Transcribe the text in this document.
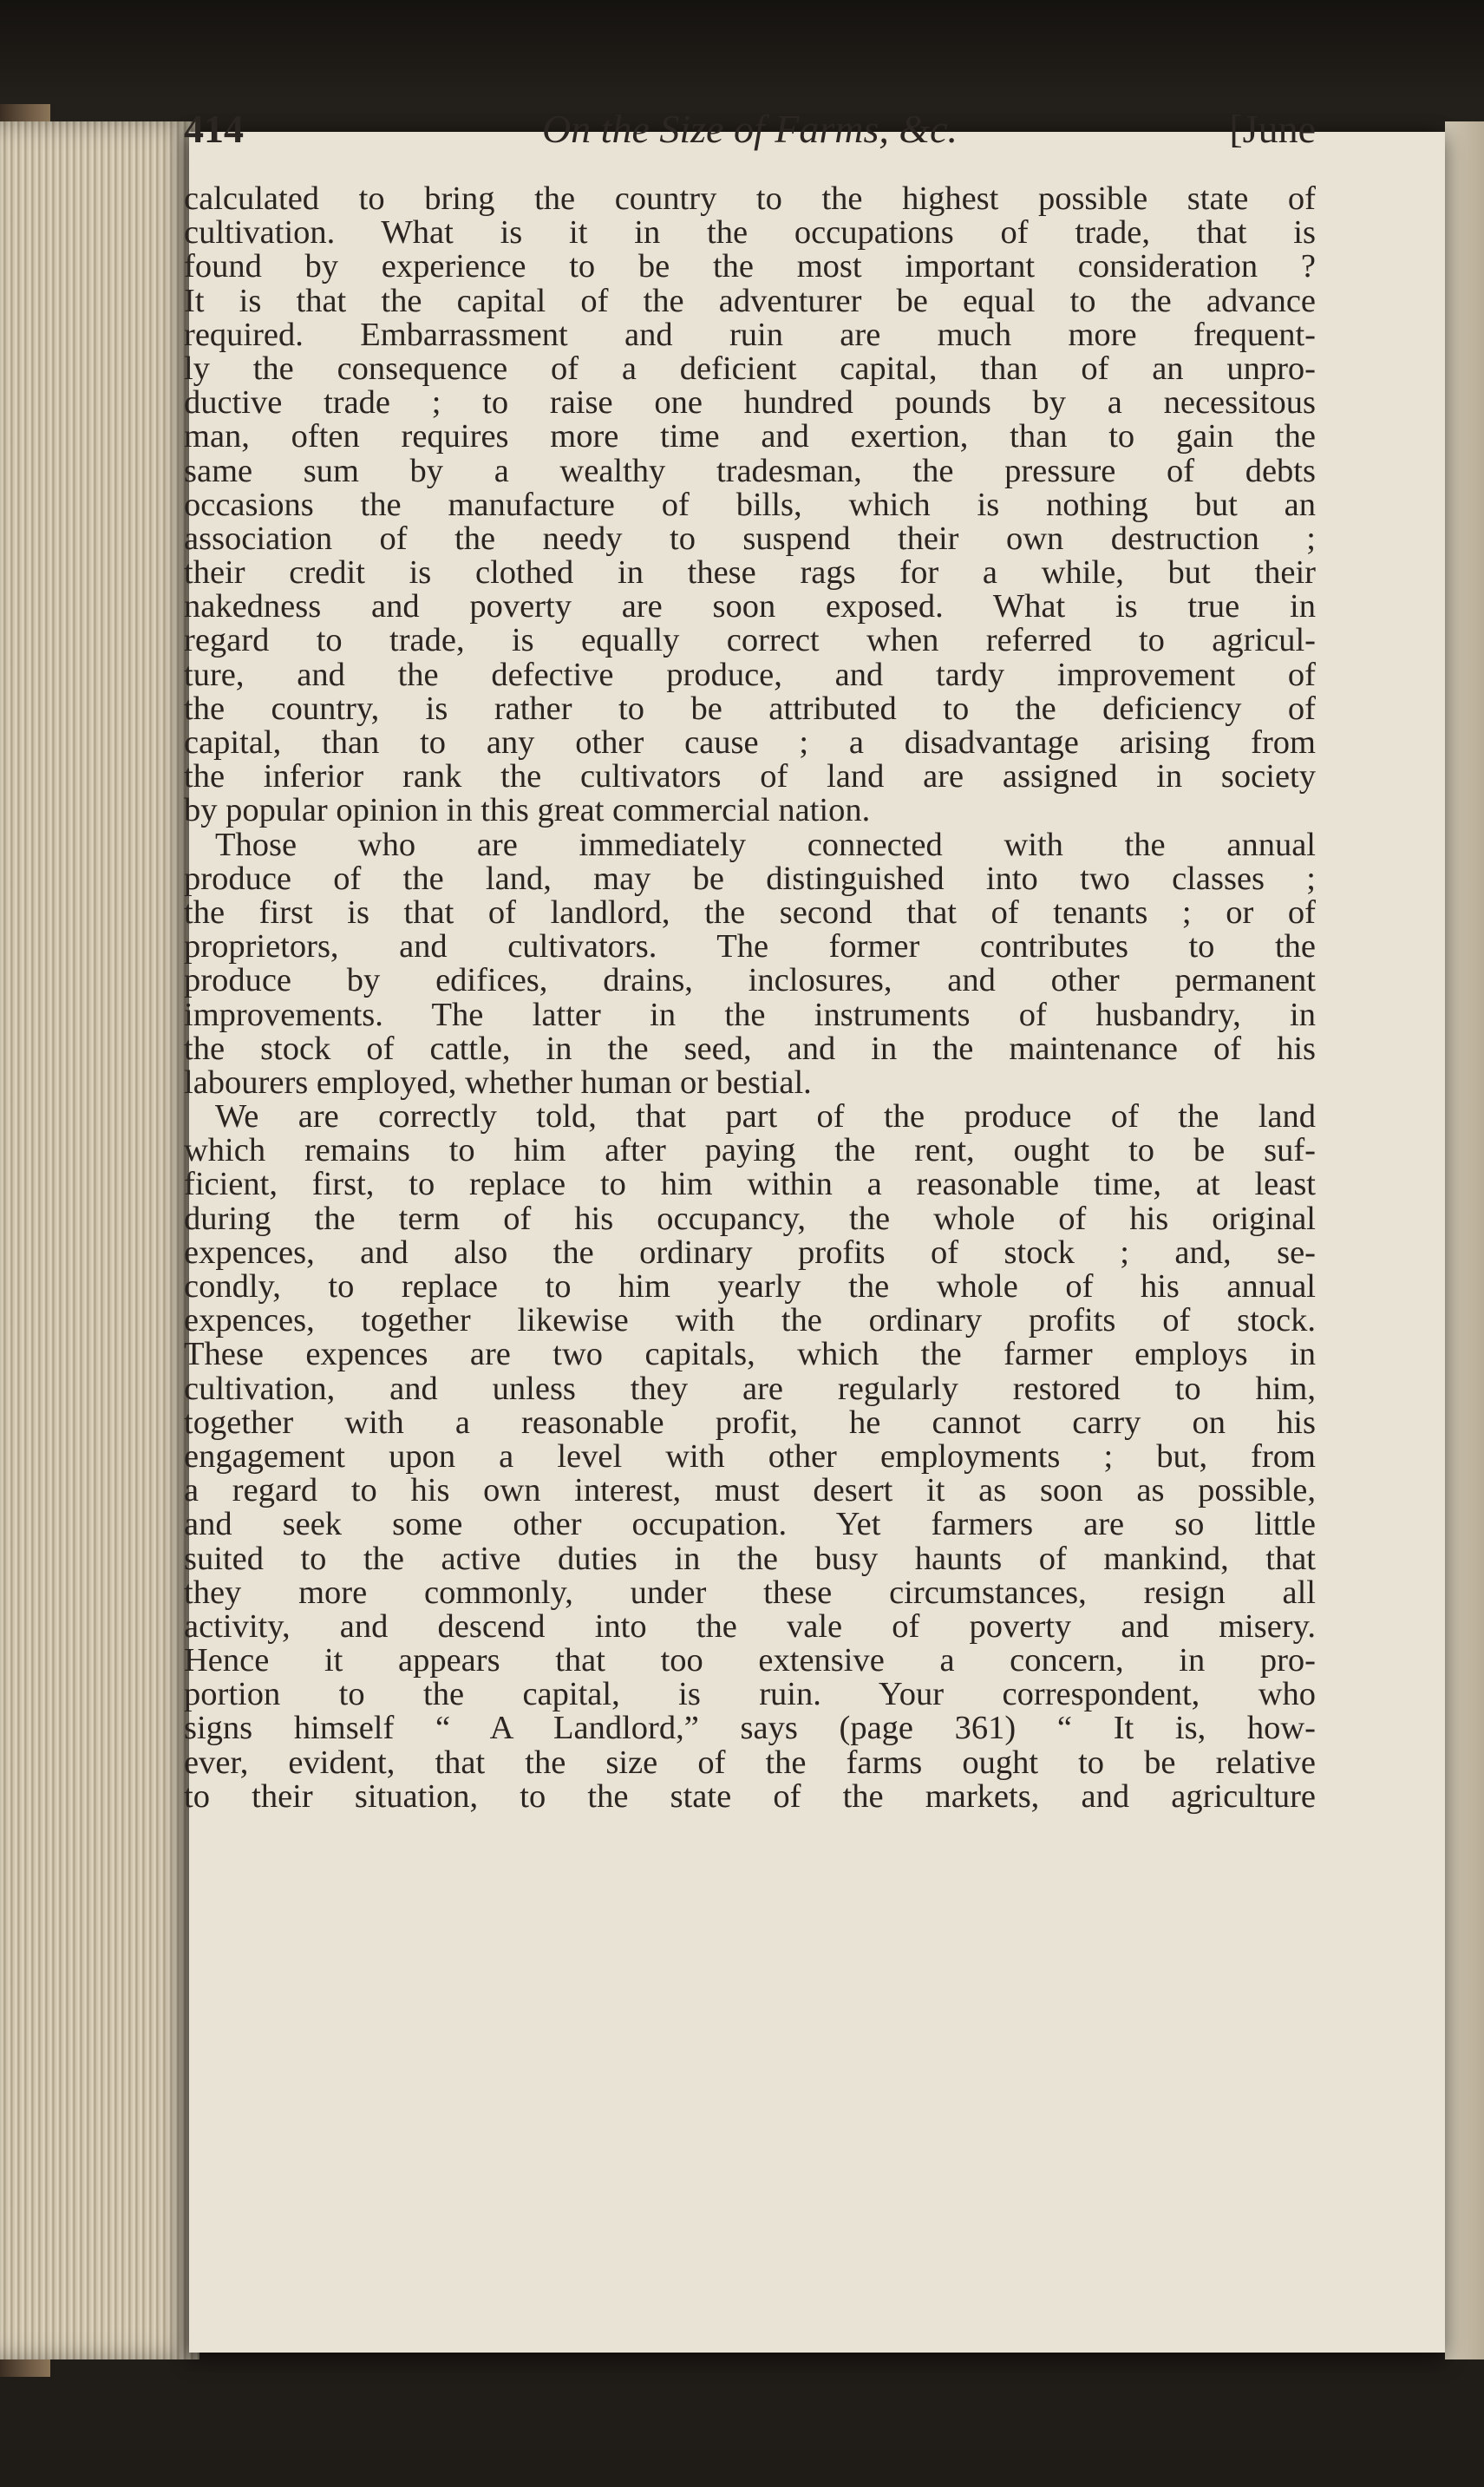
414	On the Size of Farms, &c.	[June
calculated to bring the country to the highest possible state of
cultivation. What is it in the occupations of trade, that is
found by experience to be the most important consideration ?
It is that the capital of the adventurer be equal to the advance
required. Embarrassment and ruin are much more frequent-
ly the consequence of a deficient capital, than of an unpro-
ductive trade ; to raise one hundred pounds by a necessitous
man, often requires more time and exertion, than to gain the
same sum by a wealthy tradesman, the pressure of debts
occasions the manufacture of bills, which is nothing but an
association of the needy to suspend their own destruction ;
their credit is clothed in these rags for a while, but their
nakedness and poverty are soon exposed. What is true in
regard to trade, is equally correct when referred to agricul-
ture, and the defective produce, and tardy improvement of
the country, is rather to be attributed to the deficiency of
capital, than to any other cause ; a disadvantage arising from
the inferior rank the cultivators of land are assigned in society
by popular opinion in this great commercial nation.
Those who are immediately connected with the annual
produce of the land, may be distinguished into two classes ;
the first is that of landlord, the second that of tenants ; or of
proprietors, and cultivators. The former contributes to the
produce by edifices, drains, inclosures, and other permanent
improvements. The latter in the instruments of husbandry, in
the stock of cattle, in the seed, and in the maintenance of his
labourers employed, whether human or bestial.
We are correctly told, that part of the produce of the land
which remains to him after paying the rent, ought to be suf-
ficient, first, to replace to him within a reasonable time, at least
during the term of his occupancy, the whole of his original
expences, and also the ordinary profits of stock ; and, se-
condly, to replace to him yearly the whole of his annual
expences, together likewise with the ordinary profits of stock.
These expences are two capitals, which the farmer employs in
cultivation, and unless they are regularly restored to him,
together with a reasonable profit, he cannot carry on his
engagement upon a level with other employments ; but, from
a regard to his own interest, must desert it as soon as possible,
and seek some other occupation. Yet farmers are so little
suited to the active duties in the busy haunts of mankind, that
they more commonly, under these circumstances, resign all
activity, and descend into the vale of poverty and misery.
Hence it appears that too extensive a concern, in pro-
portion to the capital, is ruin. Your correspondent, who
signs himself “ A Landlord,” says (page 361) “ It is, how-
ever, evident, that the size of the farms ought to be relative
to their situation, to the state of the markets, and agriculture
